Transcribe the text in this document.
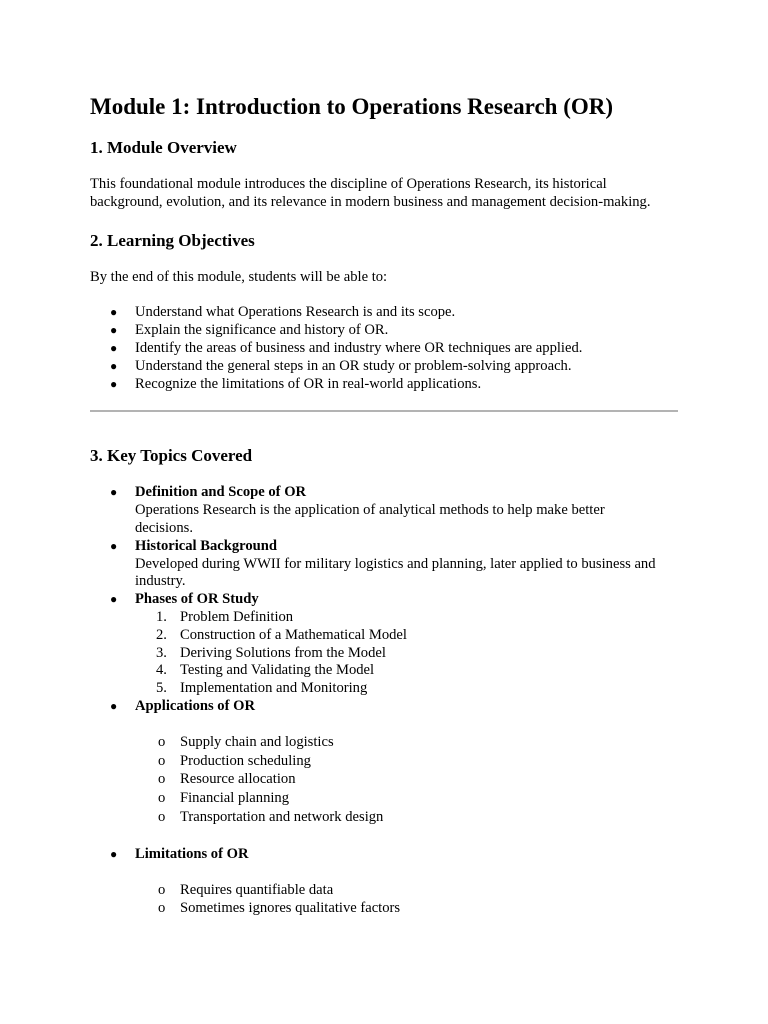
Module 1: Introduction to Operations Research (OR)
1. Module Overview

This foundational module introduces the discipline of Operations Research, its historical
background, evolution, and its relevance in modern business and management decision-making.

2. Learning Objectives

By the end of this module, students will be able to:

● Understand what Operations Research is and its scope.
● Explain the significance and history of OR.
● Identify the areas of business and industry where OR techniques are applied.
● Understand the general steps in an OR study or problem-solving approach.
● Recognize the limitations of OR in real-world applications.
3. Key Topics Covered
● Definition and Scope of OR
Operations Research is the application of analytical methods to help make better
decisions.
● Historical Background
Developed during WWII for military logistics and planning, later applied to business and
industry.
● Phases of OR Study
1. Problem Definition
2. Construction of a Mathematical Model
3. Deriving Solutions from the Model
4. Testing and Validating the Model
5. Implementation and Monitoring
● Applications of OR
o Supply chain and logistics
o Production scheduling
o Resource allocation
o Financial planning
o Transportation and network design
● Limitations of OR
o Requires quantifiable data
o Sometimes ignores qualitative factors
